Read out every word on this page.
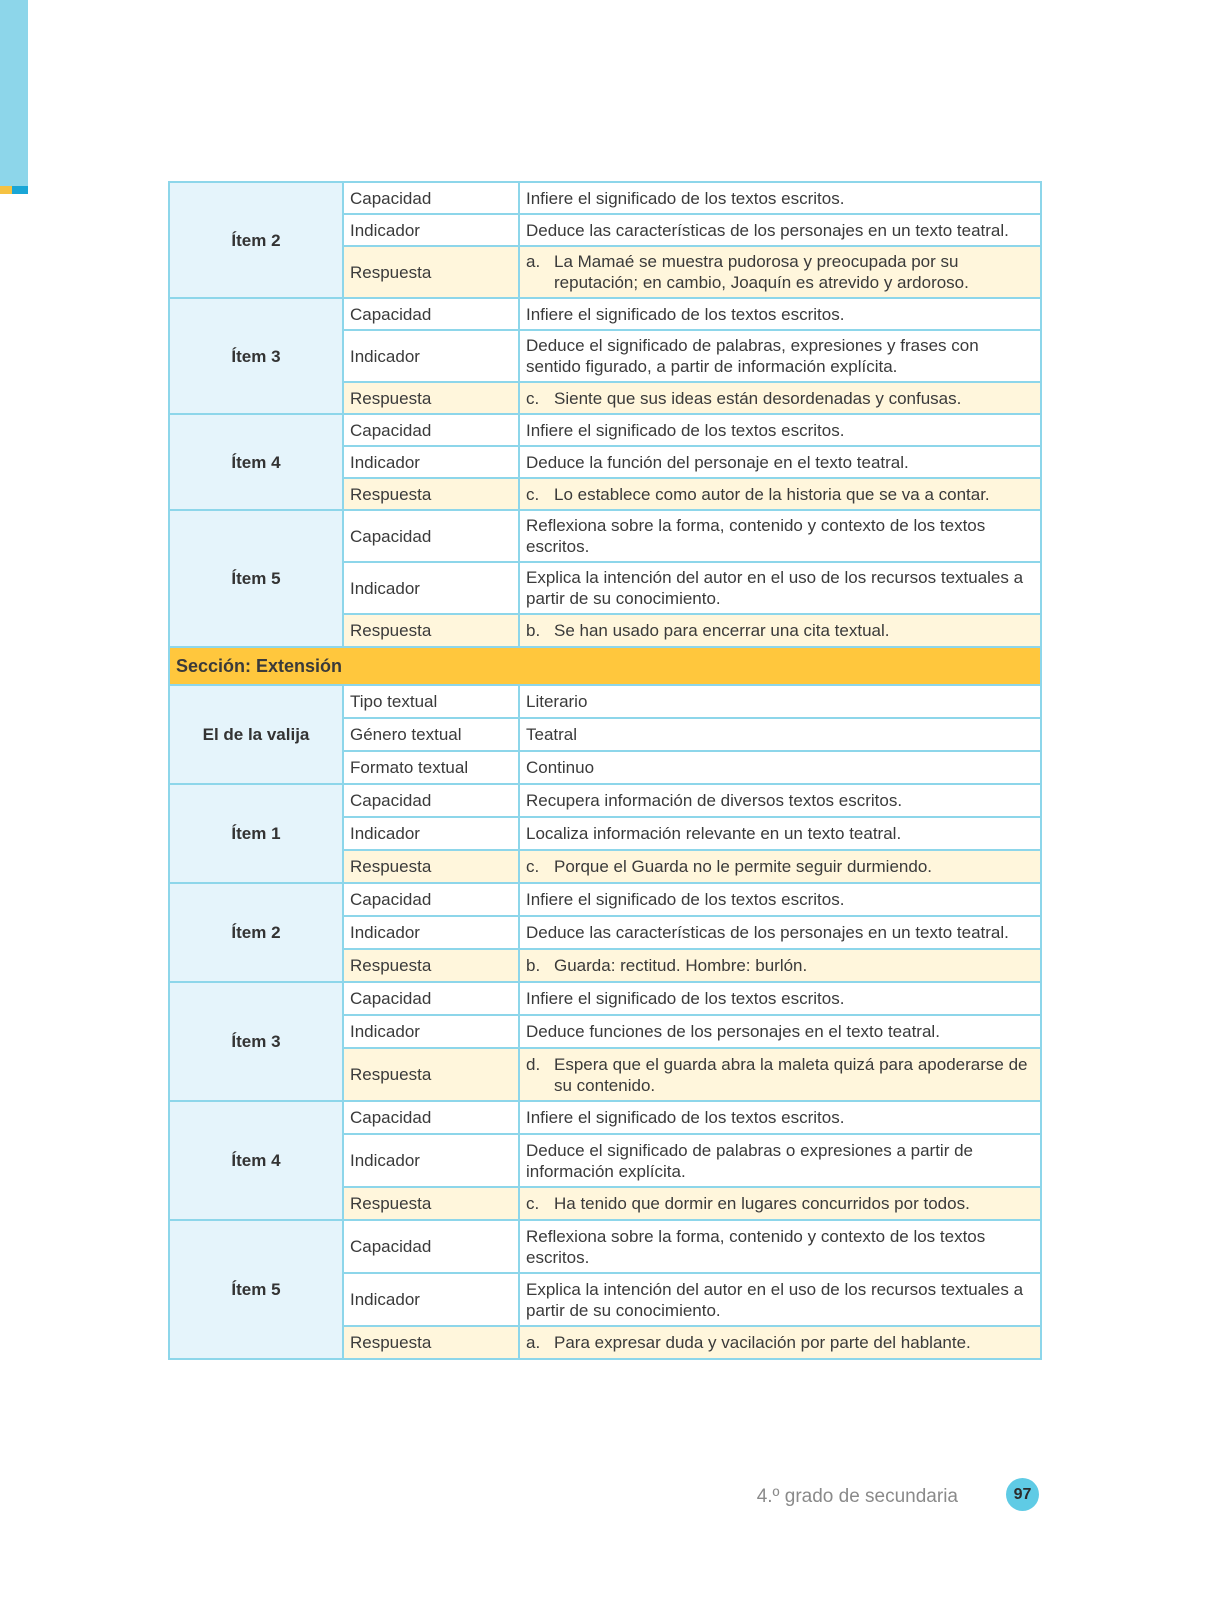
Ítem 2	Capacidad	Infiere el significado de los textos escritos.
	Indicador	Deduce las características de los personajes en un texto teatral.
	Respuesta	a. La Mamaé se muestra pudorosa y preocupada por su reputación; en cambio, Joaquín es atrevido y ardoroso.

Ítem 3	Capacidad	Infiere el significado de los textos escritos.
	Indicador	Deduce el significado de palabras, expresiones y frases con sentido figurado, a partir de información explícita.
	Respuesta	c. Siente que sus ideas están desordenadas y confusas.

Ítem 4	Capacidad	Infiere el significado de los textos escritos.
	Indicador	Deduce la función del personaje en el texto teatral.
	Respuesta	c. Lo establece como autor de la historia que se va a contar.

Ítem 5	Capacidad	Reflexiona sobre la forma, contenido y contexto de los textos escritos.
	Indicador	Explica la intención del autor en el uso de los recursos textuales a partir de su conocimiento.
	Respuesta	b. Se han usado para encerrar una cita textual.

Sección: Extensión		
El de la valija	Tipo textual	Literario
	Género textual	Teatral
	Formato textual	Continuo
Ítem 1	Capacidad	Recupera información de diversos textos escritos.
	Indicador	Localiza información relevante en un texto teatral.
	Respuesta	c. Porque el Guarda no le permite seguir durmiendo.

Ítem 2	Capacidad	Infiere el significado de los textos escritos.
	Indicador	Deduce las características de los personajes en un texto teatral.
	Respuesta	b. Guarda: rectitud. Hombre: burlón.

Ítem 3	Capacidad	Infiere el significado de los textos escritos.
	Indicador	Deduce funciones de los personajes en el texto teatral.
	Respuesta	d. Espera que el guarda abra la maleta quizá para apoderarse de su contenido.

Ítem 4	Capacidad	Infiere el significado de los textos escritos.
	Indicador	Deduce el significado de palabras o expresiones a partir de información explícita.
	Respuesta	c. Ha tenido que dormir en lugares concurridos por todos.

Ítem 5	Capacidad	Reflexiona sobre la forma, contenido y contexto de los textos escritos.
	Indicador	Explica la intención del autor en el uso de los recursos textuales a partir de su conocimiento.
	Respuesta	a. Para expresar duda y vacilación por parte del hablante.
4.º grado de secundaria	97
